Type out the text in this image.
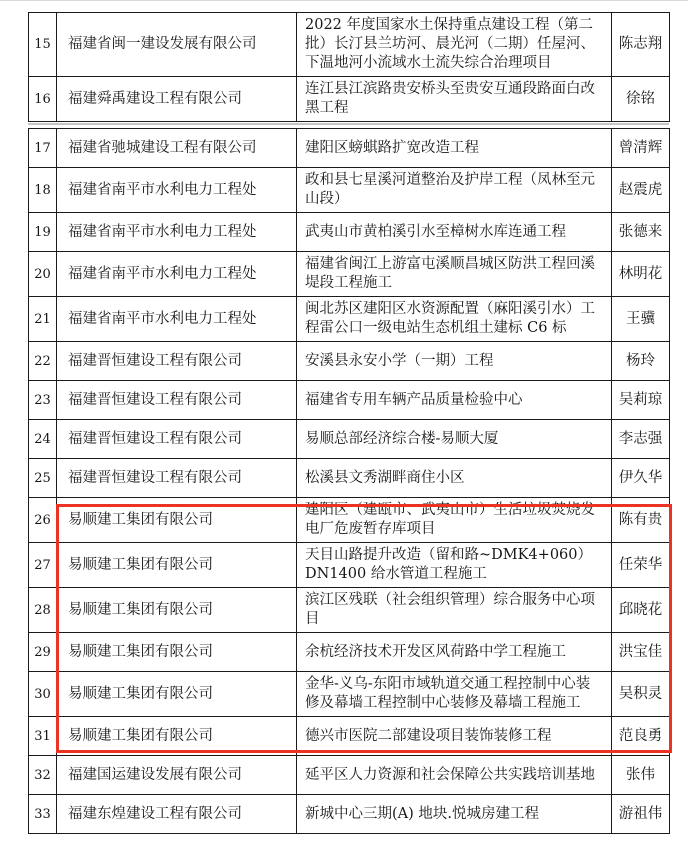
15	福建省闽一建设发展有限公司	2022 年度国家水土保持重点建设工程（第二批）长汀县兰坊河、晨光河（二期）任屋河、下温地河小流域水土流失综合治理项目	陈志翔
16	福建舜禹建设工程有限公司	连江县江滨路贵安桥头至贵安互通段路面白改黑工程	徐铭
17	福建省驰城建设工程有限公司	建阳区螃蜞路扩宽改造工程	曾清辉
18	福建省南平市水利电力工程处	政和县七星溪河道整治及护岸工程（凤林至元山段）	赵震虎
19	福建省南平市水利电力工程处	武夷山市黄柏溪引水至樟树水库连通工程	张德来
20	福建省南平市水利电力工程处	福建省闽江上游富屯溪顺昌城区防洪工程回溪堤段工程施工	林明花
21	福建省南平市水利电力工程处	闽北苏区建阳区水资源配置（麻阳溪引水）工程雷公口一级电站生态机组土建标 C6 标	王骥
22	福建晋恒建设工程有限公司	安溪县永安小学（一期）工程	杨玲
23	福建晋恒建设工程有限公司	福建省专用车辆产品质量检验中心	吴莉琼
24	福建晋恒建设工程有限公司	易顺总部经济综合楼-易顺大厦	李志强
25	福建晋恒建设工程有限公司	松溪县文秀湖畔商住小区	伊久华
26	易顺建工集团有限公司	建阳区（建瓯市、武夷山市）生活垃圾焚烧发电厂危废暂存库项目	陈有贵
27	易顺建工集团有限公司	天目山路提升改造（留和路~DMK4+060）DN1400 给水管道工程施工	任荣华
28	易顺建工集团有限公司	滨江区残联（社会组织管理）综合服务中心项目	邱晓花
29	易顺建工集团有限公司	余杭经济技术开发区风荷路中学工程施工	洪宝佳
30	易顺建工集团有限公司	金华-义乌-东阳市域轨道交通工程控制中心装修及幕墙工程控制中心装修及幕墙工程施工	吴积灵
31	易顺建工集团有限公司	德兴市医院二部建设项目装饰装修工程	范良勇
32	福建国运建设发展有限公司	延平区人力资源和社会保障公共实践培训基地	张伟
33	福建东煌建设工程有限公司	新城中心三期(A) 地块.悦城房建工程	游祖伟
